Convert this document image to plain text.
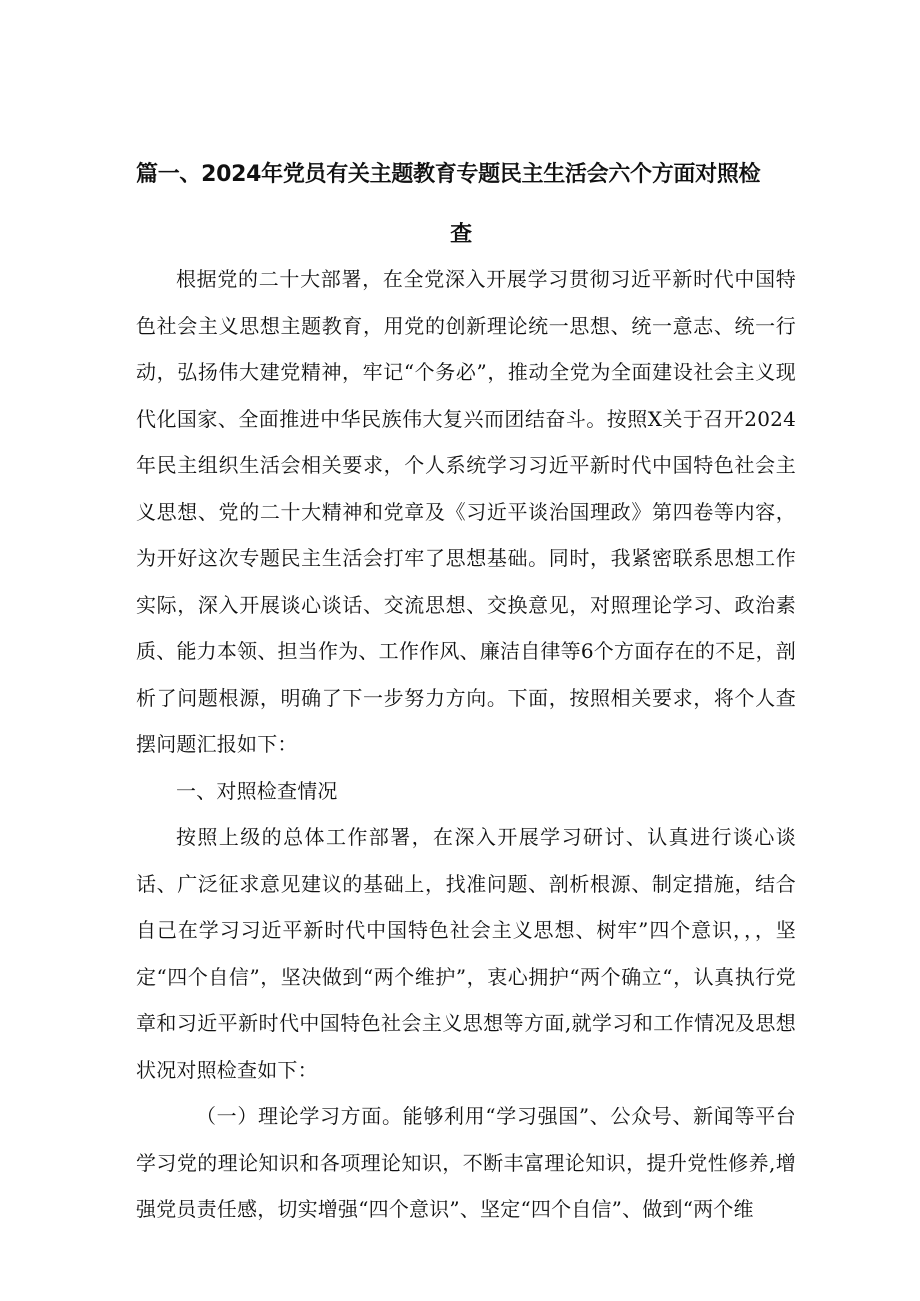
篇一、2024年党员有关主题教育专题民主生活会六个方面对照检
查

根据党的二十大部署，在全党深入开展学习贯彻习近平新时代中国特色社会主义思想主题教育，用党的创新理论统一思想、统一意志、统一行动，弘扬伟大建党精神，牢记“个务必”，推动全党为全面建设社会主义现代化国家、全面推进中华民族伟大复兴而团结奋斗。按照X关于召开2024年民主组织生活会相关要求，个人系统学习习近平新时代中国特色社会主义思想、党的二十大精神和党章及《习近平谈治国理政》第四卷等内容，为开好这次专题民主生活会打牢了思想基础。同时，我紧密联系思想工作实际，深入开展谈心谈话、交流思想、交换意见，对照理论学习、政治素质、能力本领、担当作为、工作作风、廉洁自律等6个方面存在的不足，剖析了问题根源，明确了下一步努力方向。下面，按照相关要求，将个人查摆问题汇报如下：

一、对照检查情况

按照上级的总体工作部署，在深入开展学习研讨、认真进行谈心谈话、广泛征求意见建议的基础上，找准问题、剖析根源、制定措施，结合自己在学习习近平新时代中国特色社会主义思想、树牢”四个意识，，，坚定“四个自信”，坚决做到“两个维护”，衷心拥护“两个确立“，认真执行党章和习近平新时代中国特色社会主义思想等方面,就学习和工作情况及思想状况对照检查如下：

（一）理论学习方面。能够利用“学习强国”、公众号、新闻等平台学习党的理论知识和各项理论知识，不断丰富理论知识，提升党性修养,增强党员责任感，切实增强“四个意识”、坚定“四个自信”、做到“两个维
